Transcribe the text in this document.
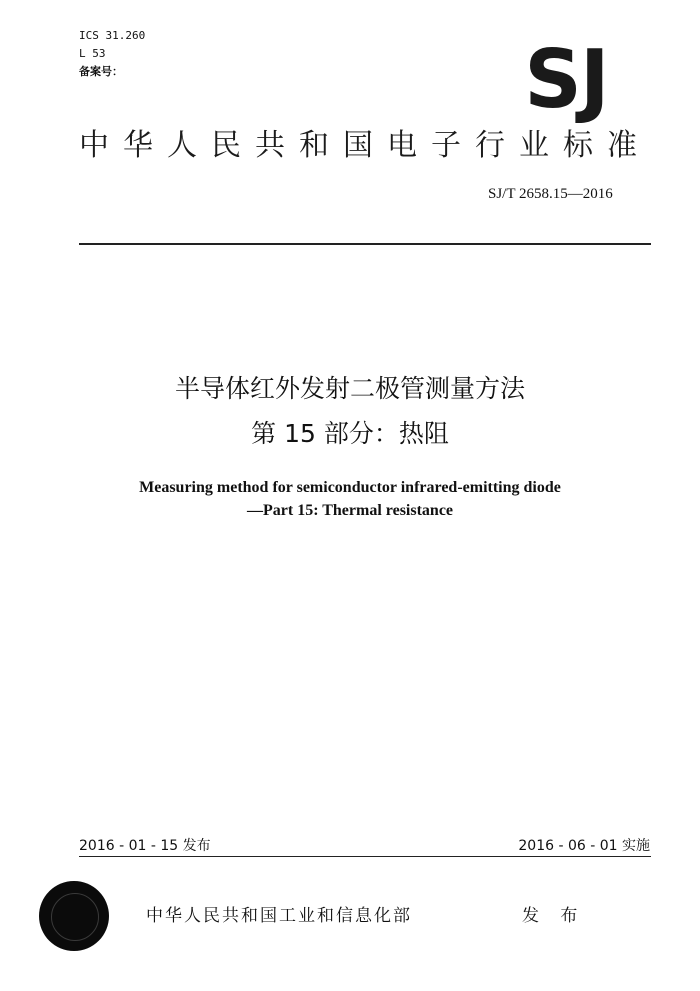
ICS 31.260
L 53
备案号：	SJ
中华人民共和国电子行业标准
SJ/T 2658.15—2016
半导体红外发射二极管测量方法
第 15 部分：热阻
Measuring method for semiconductor infrared-emitting diode
—Part 15: Thermal resistance
2016 - 01 - 15 发布	2016 - 06 - 01 实施
中华人民共和国工业和信息化部	发 布
